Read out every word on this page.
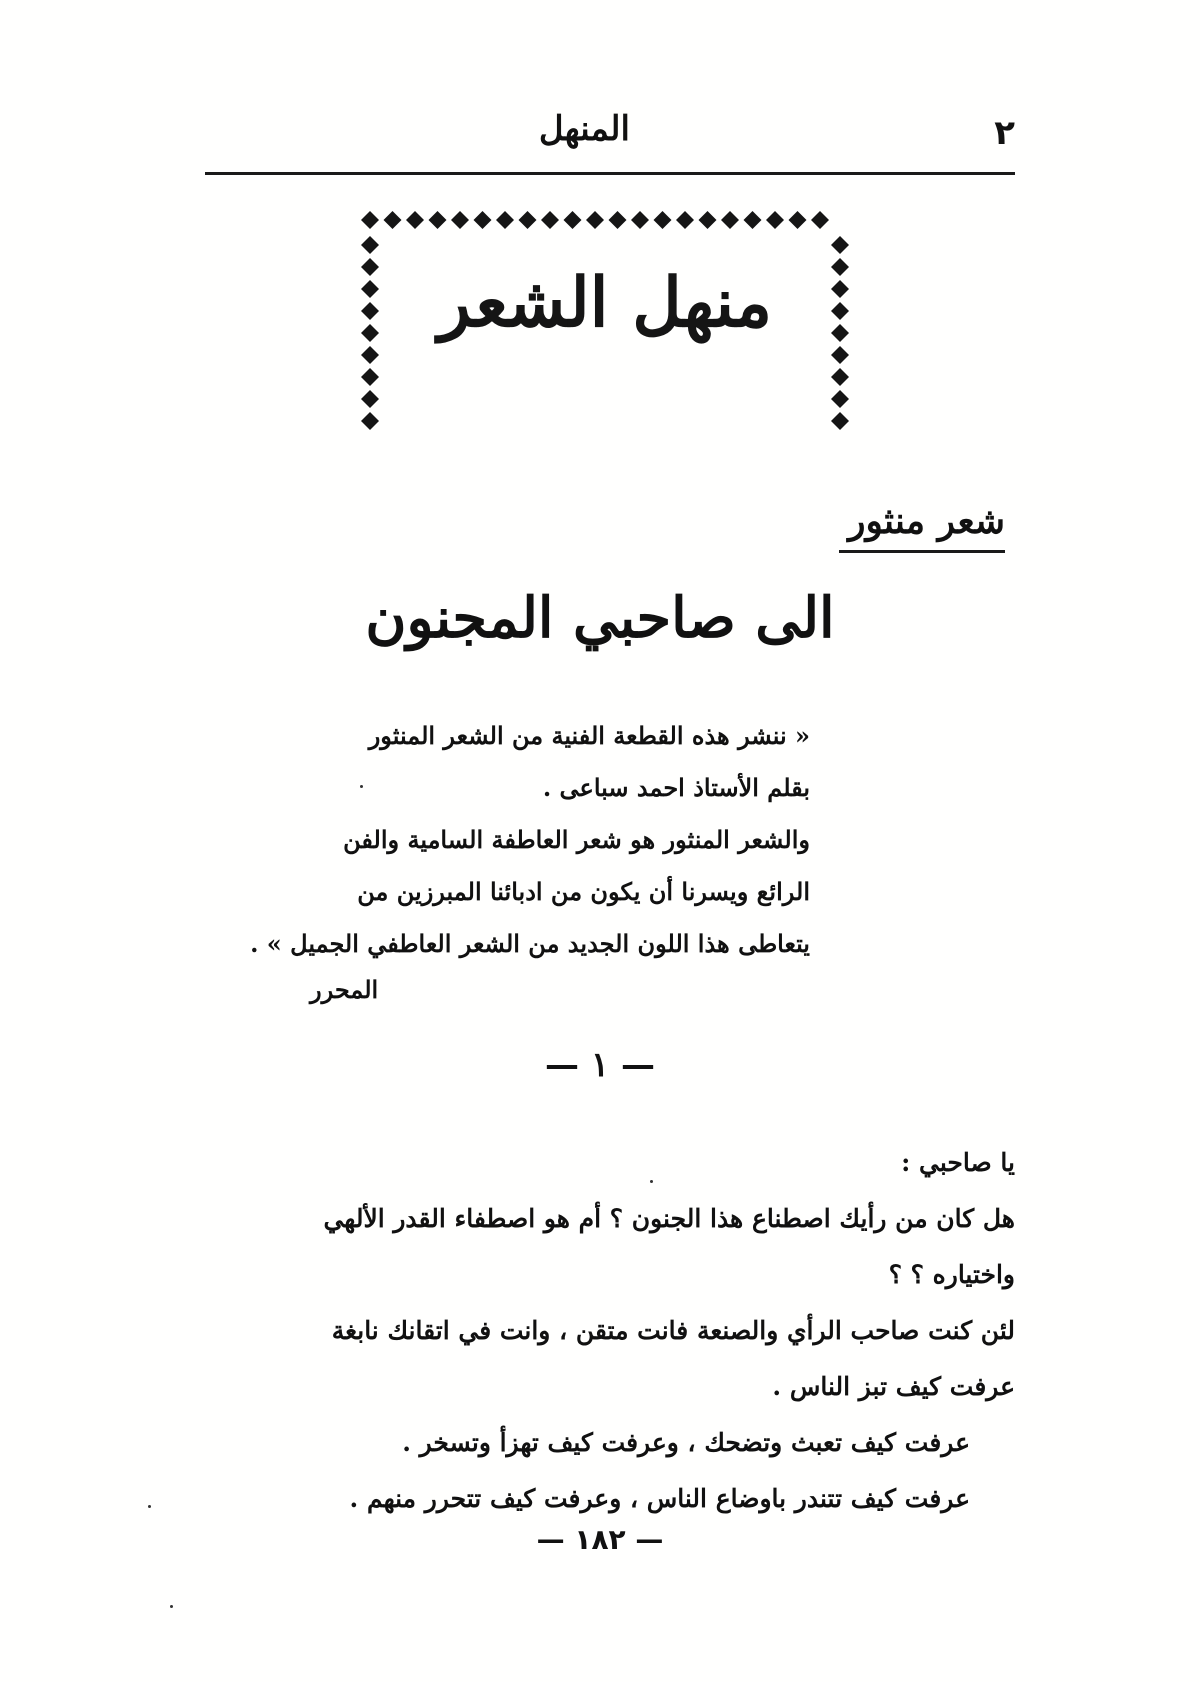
٢
المنهل
منهل الشعر
شعر منثور
الى صاحبي المجنون
« ننشر هذه القطعة الفنية من الشعر المنثور
بقلم الأستاذ احمد سباعى .
والشعر المنثور هو شعر العاطفة السامية والفن
الرائع ويسرنا أن يكون من ادبائنا المبرزين من
يتعاطى هذا اللون الجديد من الشعر العاطفي الجميل » .
المحرر
— ١ —
يا صاحبي :
هل كان من رأيك اصطناع هذا الجنون ؟ أم هو اصطفاء القدر الألهي
واختياره ؟ ؟
لئن كنت صاحب الرأي والصنعة فانت متقن ، وانت في اتقانك نابغة
عرفت كيف تبز الناس .
عرفت كيف تعبث وتضحك ، وعرفت كيف تهزأ وتسخر .
عرفت كيف تتندر باوضاع الناس ، وعرفت كيف تتحرر منهم .
— ١٨٢ —
